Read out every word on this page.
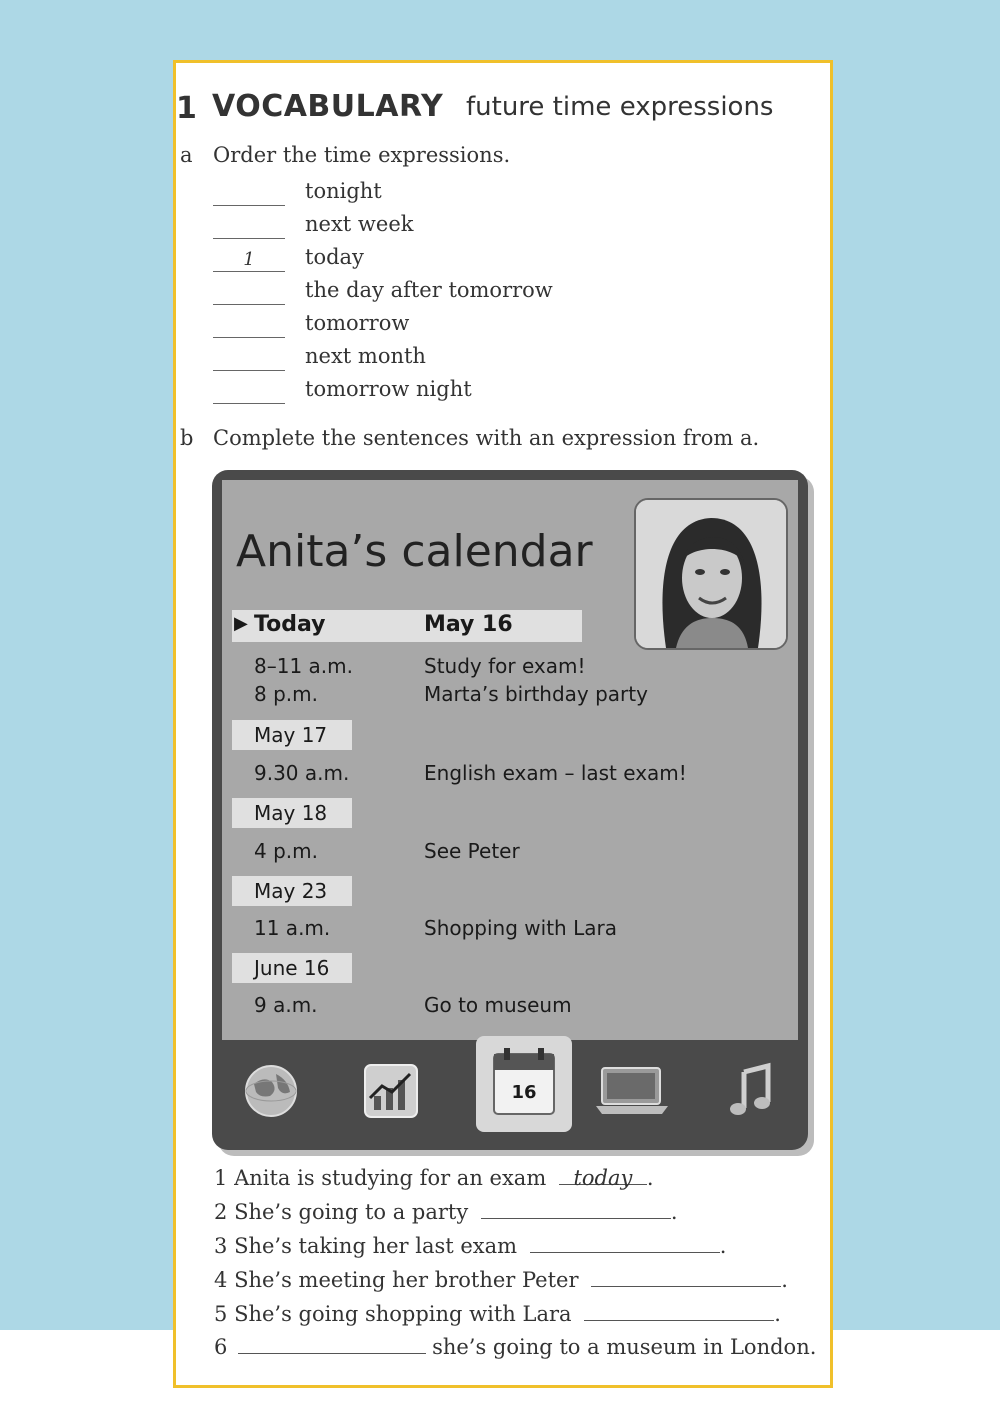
1 VOCABULARY future time expressions
a Order the time expressions.
tonight
next week
1	today
the day after tomorrow
tomorrow
next month
tomorrow night
b Complete the sentences with an expression from a.
Anita’s calendar
▶ Today	May 16
8–11 a.m.	Study for exam!
8 p.m.	Marta’s birthday party
May 17
9.30 a.m.	English exam – last exam!
May 18
4 p.m.	See Peter
May 23
11 a.m.	Shopping with Lara
June 16
9 a.m.	Go to museum
16
1 Anita is studying for an exam today .
2 She’s going to a party	.
3 She’s taking her last exam	.
4 She’s meeting her brother Peter	.
5 She’s going shopping with Lara	.
6	she’s going to a museum in London.
